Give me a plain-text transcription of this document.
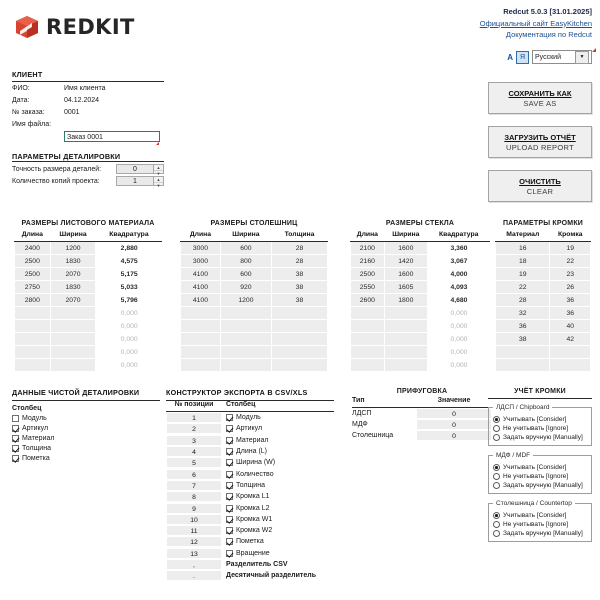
REDKIT
Redcut 5.0.3 [31.01.2025]
Официальный сайт EasyKitchen
Документация по Redcut
A Я	Русский	▼
КЛИЕНТ
ФИО:	Имя клиента
Дата:	04.12.2024
№ заказа:	0001
Имя файла:
Заказ 0001
ПАРАМЕТРЫ ДЕТАЛИРОВКИ
Точность размера деталей:	0	▲
▼
Количество копий проекта:	1	▲
▼
СОХРАНИТЬ КАК
SAVE AS
ЗАГРУЗИТЬ ОТЧЁТ
UPLOAD REPORT
ОЧИСТИТЬ
CLEAR
РАЗМЕРЫ ЛИСТОВОГО МАТЕРИАЛА
Длина	Ширина	Квадратура
2400	1200	2,880
2500	1830	4,575
2500	2070	5,175
2750	1830	5,033
2800	2070	5,796
		0,000
		0,000
		0,000
		0,000
		0,000
РАЗМЕРЫ СТОЛЕШНИЦ
Длина	Ширина	Толщина
3000	600	28
3000	800	28
4100	600	38
4100	920	38
4100	1200	38

РАЗМЕРЫ СТЕКЛА
Длина	Ширина	Квадратура
2100	1600	3,360
2160	1420	3,067
2500	1600	4,000
2550	1605	4,093
2600	1800	4,680
		0,000
		0,000
		0,000
		0,000
		0,000
ПАРАМЕТРЫ КРОМКИ
Материал	Кромка
16	19
18	22
19	23
22	26
28	36
32	36
36	40
38	42

ДАННЫЕ ЧИСТОЙ ДЕТАЛИРОВКИ
Столбец
Модуль
Артикул
Материал
Толщина
Пометка
КОНСТРУКТОР ЭКСПОРТА В CSV/XLS
№ позиции	Столбец
1	Модуль
2	Артикул
3	Материал
4	Длина (L)
5	Ширина (W)
6	Количество
7	Толщина
8	Кромка L1
9	Кромка L2
10	Кромка W1
11	Кромка W2
12	Пометка
13	Вращение
,	Разделитель CSV
.	Десятичный разделитель
ПРИФУГОВКА
Тип	Значение
ЛДСП	0
МДФ	0
Столешница	0
УЧЁТ КРОМКИ
ЛДСП / Chipboard
Учитывать [Consider]
Не учитывать [Ignore]
Задать вручную [Manually]
МДФ / MDF
Учитывать [Consider]
Не учитывать [Ignore]
Задать вручную [Manually]
Столешница / Countertop
Учитывать [Consider]
Не учитывать [Ignore]
Задать вручную [Manually]
